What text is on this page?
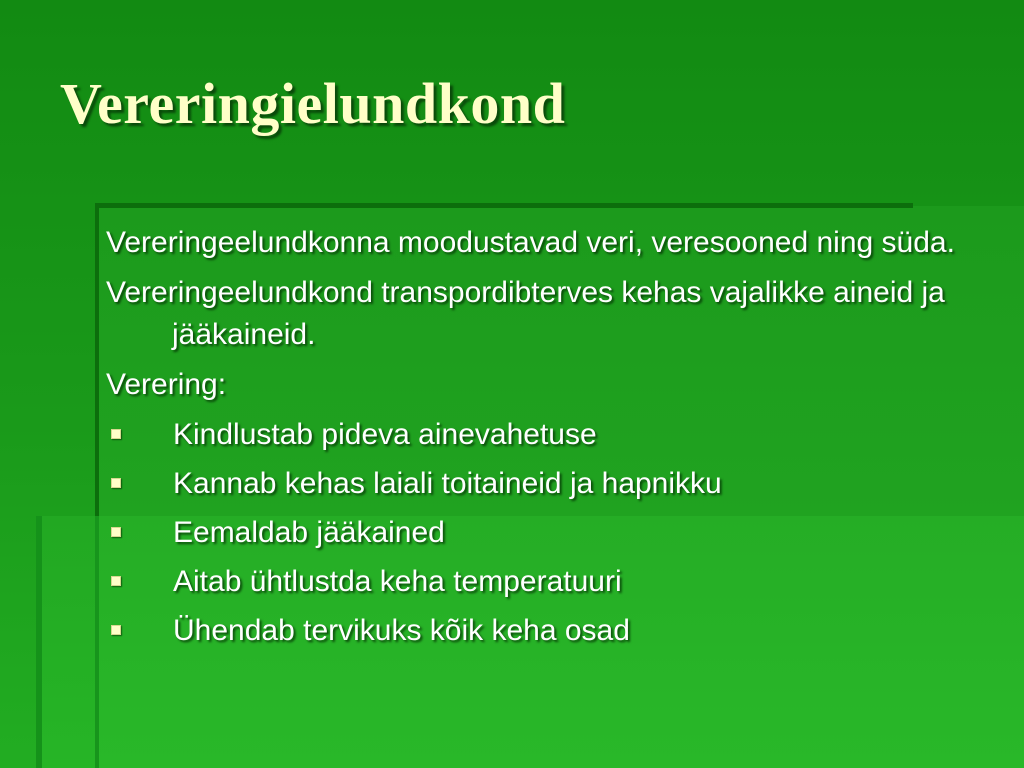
Vereringielundkond

Vereringeelundkonna moodustavad veri, veresooned ning süda.

Vereringeelundkond transpordibterves kehas vajalikke aineid ja jääkaineid.

Verering:

Kindlustab pideva ainevahetuse
Kannab kehas laiali toitaineid ja hapnikku
Eemaldab jääkained
Aitab ühtlustda keha temperatuuri
Ühendab tervikuks kõik keha osad
